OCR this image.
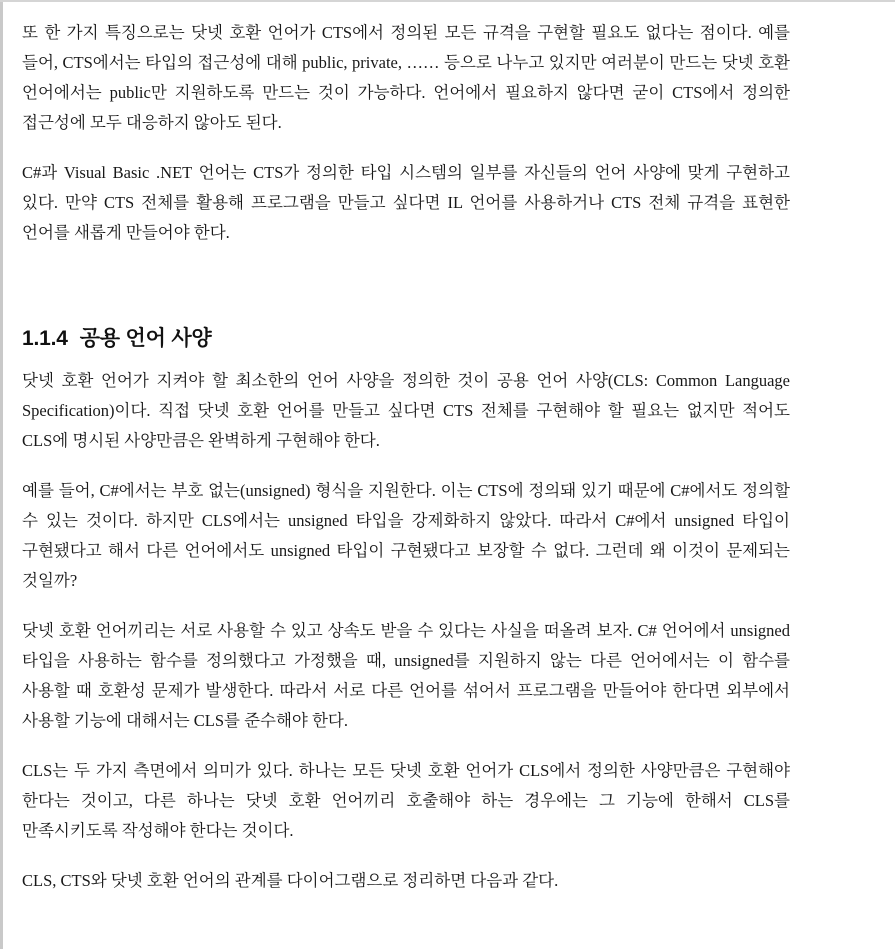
또 한 가지 특징으로는 닷넷 호환 언어가 CTS에서 정의된 모든 규격을 구현할 필요도 없다는 점이다. 예를 들어, CTS에서는 타입의 접근성에 대해 public, private, …… 등으로 나누고 있지만 여러분이 만드는 닷넷 호환 언어에서는 public만 지원하도록 만드는 것이 가능하다. 언어에서 필요하지 않다면 굳이 CTS에서 정의한 접근성에 모두 대응하지 않아도 된다.

C#과 Visual Basic .NET 언어는 CTS가 정의한 타입 시스템의 일부를 자신들의 언어 사양에 맞게 구현하고 있다. 만약 CTS 전체를 활용해 프로그램을 만들고 싶다면 IL 언어를 사용하거나 CTS 전체 규격을 표현한 언어를 새롭게 만들어야 한다.

1.1.4 공용 언어 사양

닷넷 호환 언어가 지켜야 할 최소한의 언어 사양을 정의한 것이 공용 언어 사양(CLS: Common Language Specification)이다. 직접 닷넷 호환 언어를 만들고 싶다면 CTS 전체를 구현해야 할 필요는 없지만 적어도 CLS에 명시된 사양만큼은 완벽하게 구현해야 한다.

예를 들어, C#에서는 부호 없는(unsigned) 형식을 지원한다. 이는 CTS에 정의돼 있기 때문에 C#에서도 정의할 수 있는 것이다. 하지만 CLS에서는 unsigned 타입을 강제화하지 않았다. 따라서 C#에서 unsigned 타입이 구현됐다고 해서 다른 언어에서도 unsigned 타입이 구현됐다고 보장할 수 없다. 그런데 왜 이것이 문제되는 것일까?

닷넷 호환 언어끼리는 서로 사용할 수 있고 상속도 받을 수 있다는 사실을 떠올려 보자. C# 언어에서 unsigned 타입을 사용하는 함수를 정의했다고 가정했을 때, unsigned를 지원하지 않는 다른 언어에서는 이 함수를 사용할 때 호환성 문제가 발생한다. 따라서 서로 다른 언어를 섞어서 프로그램을 만들어야 한다면 외부에서 사용할 기능에 대해서는 CLS를 준수해야 한다.

CLS는 두 가지 측면에서 의미가 있다. 하나는 모든 닷넷 호환 언어가 CLS에서 정의한 사양만큼은 구현해야 한다는 것이고, 다른 하나는 닷넷 호환 언어끼리 호출해야 하는 경우에는 그 기능에 한해서 CLS를 만족시키도록 작성해야 한다는 것이다.

CLS, CTS와 닷넷 호환 언어의 관계를 다이어그램으로 정리하면 다음과 같다.
